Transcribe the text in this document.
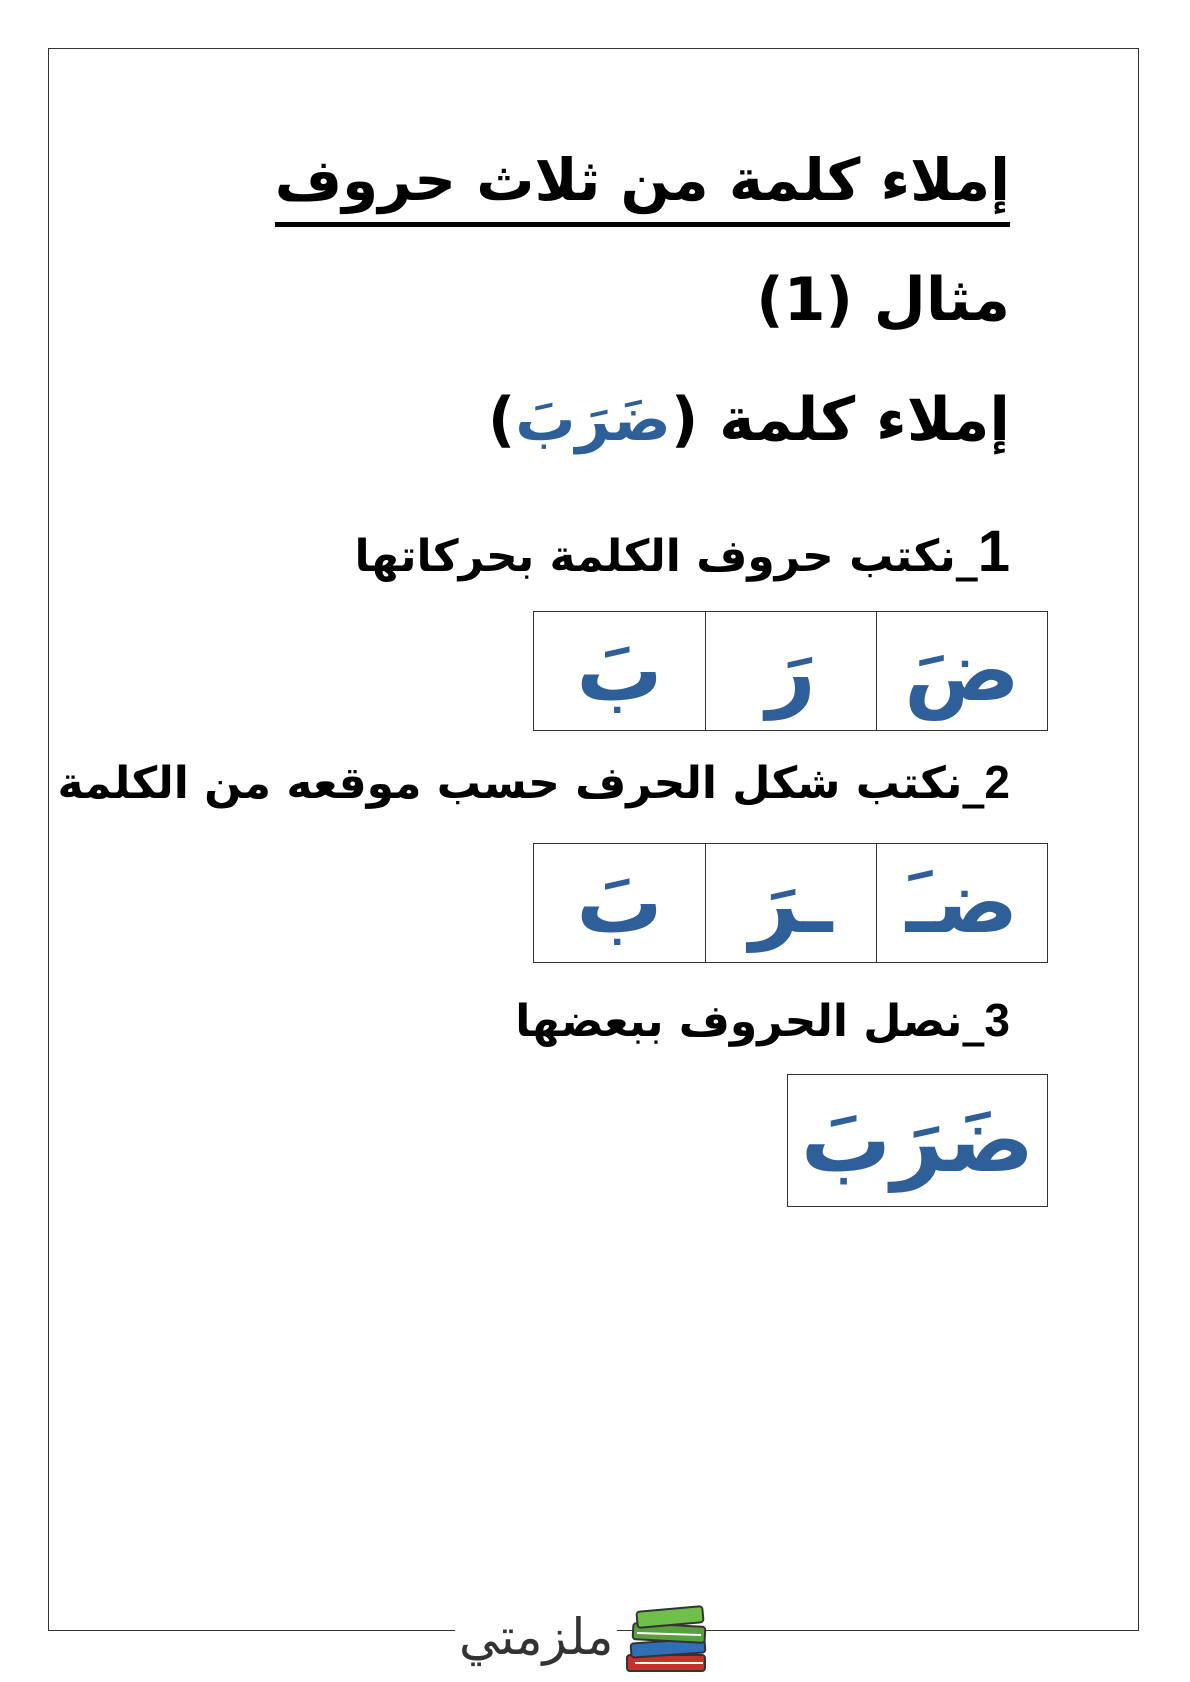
إملاء كلمة من ثلاث حروف
مثال (1)
إملاء كلمة (ضَرَبَ)
1_نكتب حروف الكلمة بحركاتها
ضَ
رَ
بَ
2_نكتب شكل الحرف حسب موقعه من الكلمة
ضـَ
ـرَ
بَ
3_نصل الحروف ببعضها
ضَرَبَ
ملزمتي
